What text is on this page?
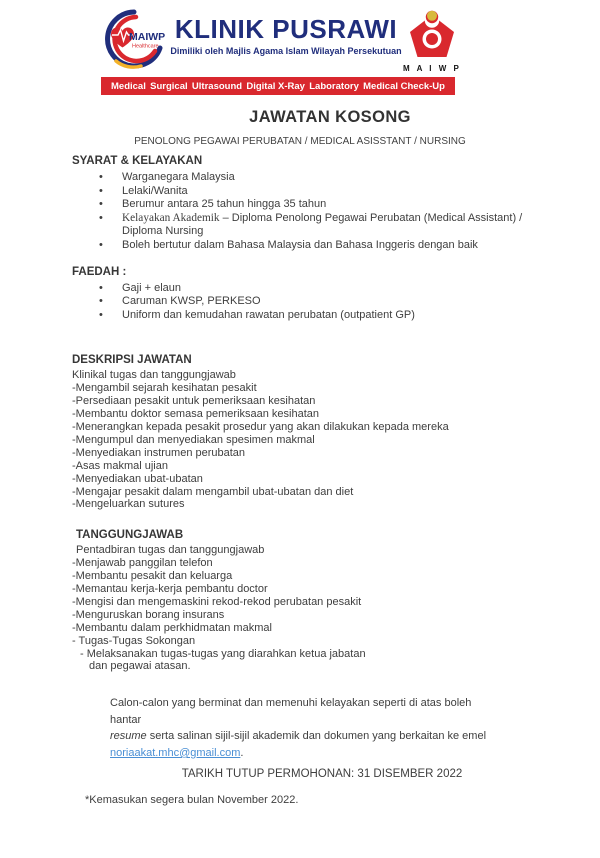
MAIWP
Healthcare
KLINIK PUSRAWI
Dimiliki oleh Majlis Agama Islam Wilayah Persekutuan
M A I W P
Medical Surgical Ultrasound Digital X-Ray Laboratory Medical Check-Up
JAWATAN KOSONG
PENOLONG PEGAWAI PERUBATAN / MEDICAL ASISSTANT / NURSING
SYARAT & KELAYAKAN
• Warganegara Malaysia
• Lelaki/Wanita
• Berumur antara 25 tahun hingga 35 tahun
• Kelayakan Akademik – Diploma Penolong Pegawai Perubatan (Medical Assistant) /
Diploma Nursing
• Boleh bertutur dalam Bahasa Malaysia dan Bahasa Inggeris dengan baik
FAEDAH :
• Gaji + elaun
• Caruman KWSP, PERKESO
• Uniform dan kemudahan rawatan perubatan (outpatient GP)
DESKRIPSI JAWATAN
Klinikal tugas dan tanggungjawab
-Mengambil sejarah kesihatan pesakit
-Persediaan pesakit untuk pemeriksaan kesihatan
-Membantu doktor semasa pemeriksaan kesihatan
-Menerangkan kepada pesakit prosedur yang akan dilakukan kepada mereka
-Mengumpul dan menyediakan spesimen makmal
-Menyediakan instrumen perubatan
-Asas makmal ujian
-Menyediakan ubat-ubatan
-Mengajar pesakit dalam mengambil ubat-ubatan dan diet
-Mengeluarkan sutures
TANGGUNGJAWAB
Pentadbiran tugas dan tanggungjawab
-Menjawab panggilan telefon
-Membantu pesakit dan keluarga
-Memantau kerja-kerja pembantu doctor
-Mengisi dan mengemaskini rekod-rekod perubatan pesakit
-Menguruskan borang insurans
-Membantu dalam perkhidmatan makmal
- Tugas-Tugas Sokongan
- Melaksanakan tugas-tugas yang diarahkan ketua jabatan
dan pegawai atasan.
Calon-calon yang berminat dan memenuhi kelayakan seperti di atas boleh hantar
resume serta salinan sijil-sijil akademik dan dokumen yang berkaitan ke emel
noriaakat.mhc@gmail.com.
TARIKH TUTUP PERMOHONAN: 31 DISEMBER 2022
*Kemasukan segera bulan November 2022.
